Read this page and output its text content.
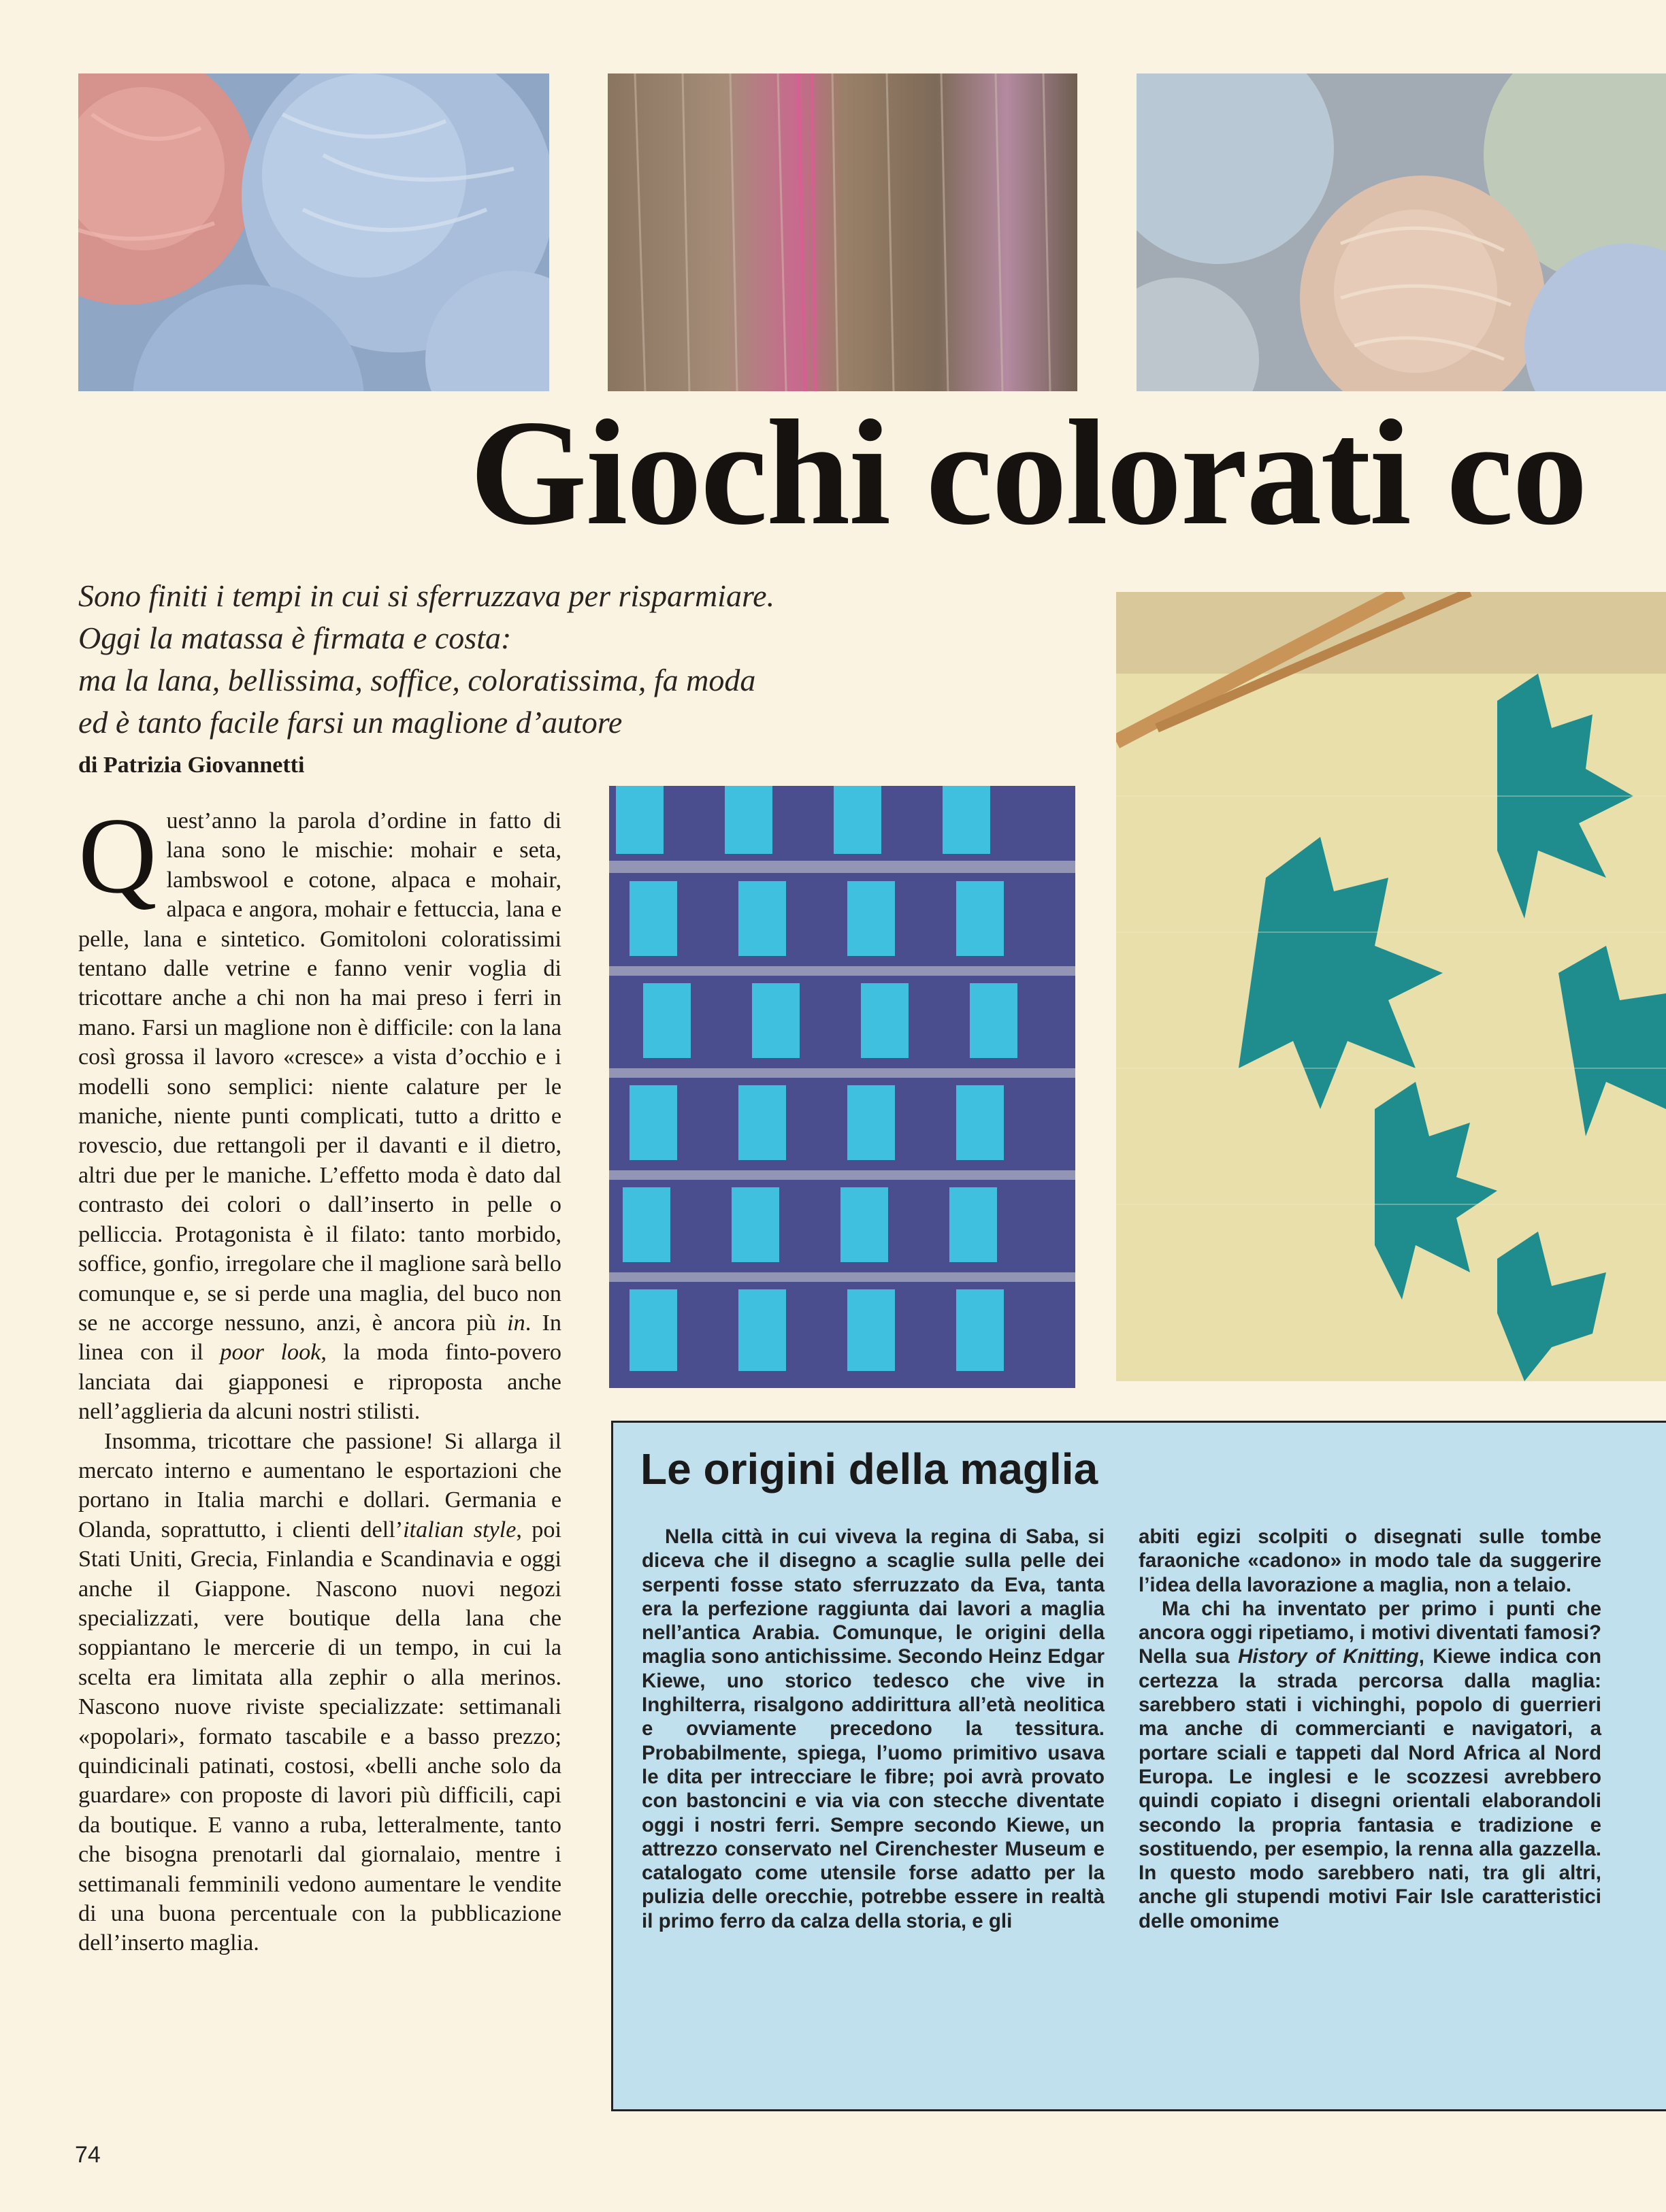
Giochi colorati co
Sono finiti i tempi in cui si sferruzzava per risparmiare.
Oggi la matassa è firmata e costa:
ma la lana, bellissima, soffice, coloratissima, fa moda
ed è tanto facile farsi un maglione d’autore
di Patrizia Giovannetti

Quest’anno la parola d’ordine in fatto di lana sono le mischie: mohair e seta, lambswool e cotone, alpaca e mohair, alpaca e angora, mohair e fettuccia, lana e pelle, lana e sintetico. Gomitoloni coloratissimi tentano dalle vetrine e fanno venir voglia di tricottare anche a chi non ha mai preso i ferri in mano. Farsi un maglione non è difficile: con la lana così grossa il lavoro «cresce» a vista d’occhio e i modelli sono semplici: niente calature per le maniche, niente punti complicati, tutto a dritto e rovescio, due rettangoli per il davanti e il dietro, altri due per le maniche. L’effetto moda è dato dal contrasto dei colori o dall’inserto in pelle o pelliccia. Protagonista è il filato: tanto morbido, soffice, gonfio, irregolare che il maglione sarà bello comunque e, se si perde una maglia, del buco non se ne accorge nessuno, anzi, è ancora più in. In linea con il poor look, la moda finto-povero lanciata dai giapponesi e riproposta anche nell’agglieria da alcuni nostri stilisti.

Insomma, tricottare che passione! Si allarga il mercato interno e aumentano le esportazioni che portano in Italia marchi e dollari. Germania e Olanda, soprattutto, i clienti dell’italian style, poi Stati Uniti, Grecia, Finlandia e Scandinavia e oggi anche il Giappone. Nascono nuovi negozi specializzati, vere boutique della lana che soppiantano le mercerie di un tempo, in cui la scelta era limitata alla zephir o alla merinos. Nascono nuove riviste specializzate: settimanali «popolari», formato tascabile e a basso prezzo; quindicinali patinati, costosi, «belli anche solo da guardare» con proposte di lavori più difficili, capi da boutique. E vanno a ruba, letteralmente, tanto che bisogna prenotarli dal giornalaio, mentre i settimanali femminili vedono aumentare le vendite di una buona percentuale con la pubblicazione dell’inserto maglia.

Le origini della maglia

Nella città in cui viveva la regina di Saba, si diceva che il disegno a scaglie sulla pelle dei serpenti fosse stato sferruzzato da Eva, tanta era la perfezione raggiunta dai lavori a maglia nell’antica Arabia. Comunque, le origini della maglia sono antichissime. Secondo Heinz Edgar Kiewe, uno storico tedesco che vive in Inghilterra, risalgono addirittura all’età neolitica e ovviamente precedono la tessitura. Probabilmente, spiega, l’uomo primitivo usava le dita per intrecciare le fibre; poi avrà provato con bastoncini e via via con stecche diventate oggi i nostri ferri. Sempre secondo Kiewe, un attrezzo conservato nel Cirenchester Museum e catalogato come utensile forse adatto per la pulizia delle orecchie, potrebbe essere in realtà il primo ferro da calza della storia, e gli

abiti egizi scolpiti o disegnati sulle tombe faraoniche «cadono» in modo tale da suggerire l’idea della lavorazione a maglia, non a telaio.

Ma chi ha inventato per primo i punti che ancora oggi ripetiamo, i motivi diventati famosi? Nella sua History of Knitting, Kiewe indica con certezza la strada percorsa dalla maglia: sarebbero stati i vichinghi, popolo di guerrieri ma anche di commercianti e navigatori, a portare sciali e tappeti dal Nord Africa al Nord Europa. Le inglesi e le scozzesi avrebbero quindi copiato i disegni orientali elaborandoli secondo la propria fantasia e tradizione e sostituendo, per esempio, la renna alla gazzella. In questo modo sarebbero nati, tra gli altri, anche gli stupendi motivi Fair Isle caratteristici delle omonime

74
